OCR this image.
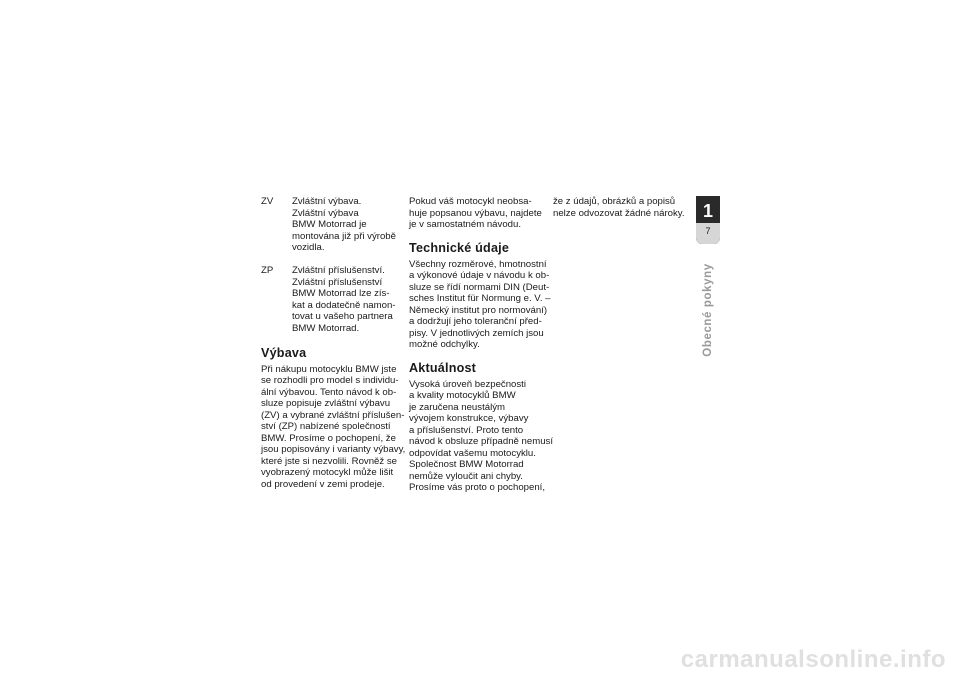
ZV	Zvláštní výbava.
Zvláštní výbava
BMW Motorrad je
montována již při výrobě
vozidla.
ZP	Zvláštní příslušenství.
Zvláštní příslušenství
BMW Motorrad lze zís-
kat a dodatečně namon-
tovat u vašeho partnera
BMW Motorrad.
Výbava
Při nákupu motocyklu BMW jste
se rozhodli pro model s individu-
ální výbavou. Tento návod k ob-
sluze popisuje zvláštní výbavu
(ZV) a vybrané zvláštní příslušen-
ství (ZP) nabízené společností
BMW. Prosíme o pochopení, že
jsou popisovány i varianty výbavy,
které jste si nezvolili. Rovněž se
vyobrazený motocykl může lišit
od provedení v zemi prodeje.
Pokud váš motocykl neobsa-
huje popsanou výbavu, najdete
je v samostatném návodu.
Technické údaje
Všechny rozměrové, hmotnostní
a výkonové údaje v návodu k ob-
sluze se řídí normami DIN (Deut-
sches Institut für Normung e. V. –
Německý institut pro normování)
a dodržují jeho toleranční před-
pisy. V jednotlivých zemích jsou
možné odchylky.
Aktuálnost
Vysoká úroveň bezpečnosti
a kvality motocyklů BMW
je zaručena neustálým
vývojem konstrukce, výbavy
a příslušenství. Proto tento
návod k obsluze případně nemusí
odpovídat vašemu motocyklu.
Společnost BMW Motorrad
nemůže vyloučit ani chyby.
Prosíme vás proto o pochopení,
že z údajů, obrázků a popisů
nelze odvozovat žádné nároky.	1
7
Obecné pokyny
carmanualsonline.info
